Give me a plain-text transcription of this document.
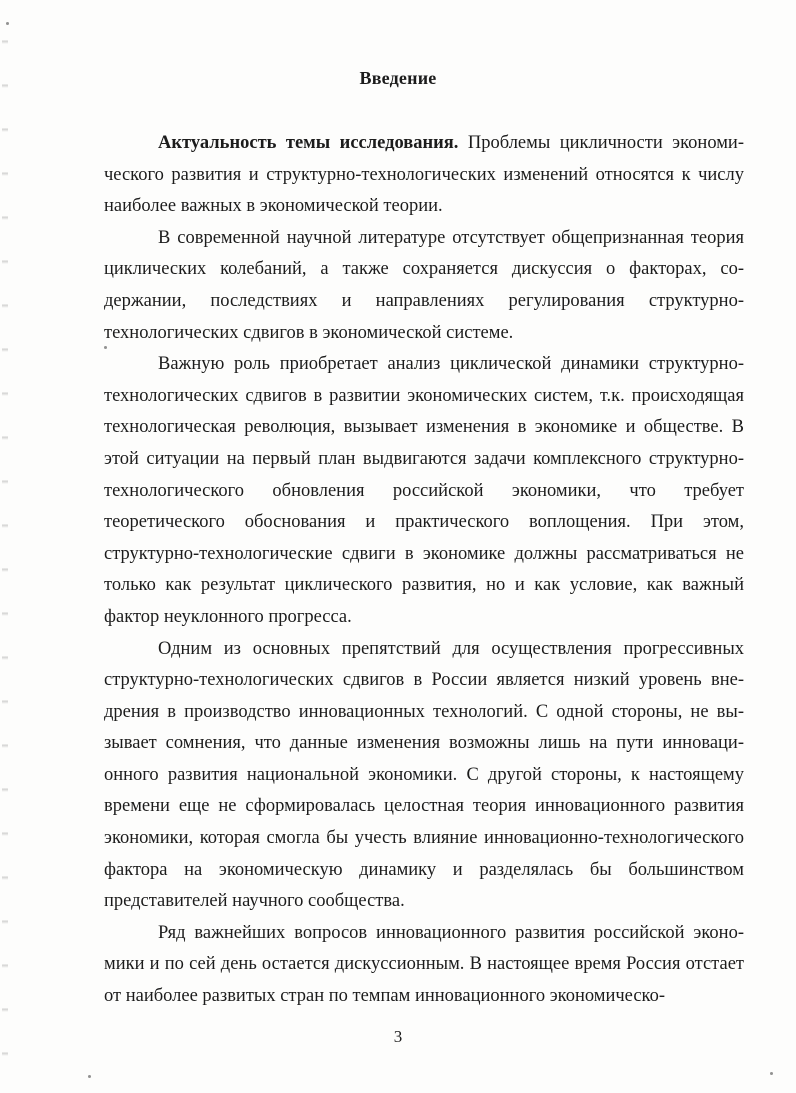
Введение

Актуальность темы исследования. Проблемы цикличности экономического развития и структурно-технологических изменений относятся к числу наиболее важных в экономической теории.

В современной научной литературе отсутствует общепризнанная теория циклических колебаний, а также сохраняется дискуссия о факторах, содержании, последствиях и направлениях регулирования структурно-технологических сдвигов в экономической системе.

Важную роль приобретает анализ циклической динамики структурно-технологических сдвигов в развитии экономических систем, т.к. происходящая технологическая революция, вызывает изменения в экономике и обществе. В этой ситуации на первый план выдвигаются задачи комплексного структурно-технологического обновления российской экономики, что требует теоретического обоснования и практического воплощения. При этом, структурно-технологические сдвиги в экономике должны рассматриваться не только как результат циклического развития, но и как условие, как важный фактор неуклонного прогресса.

Одним из основных препятствий для осуществления прогрессивных структурно-технологических сдвигов в России является низкий уровень внедрения в производство инновационных технологий. С одной стороны, не вызывает сомнения, что данные изменения возможны лишь на пути инновационного развития национальной экономики. С другой стороны, к настоящему времени еще не сформировалась целостная теория инновационного развития экономики, которая смогла бы учесть влияние инновационно-технологического фактора на экономическую динамику и разделялась бы большинством представителей научного сообщества.

Ряд важнейших вопросов инновационного развития российской экономики и по сей день остается дискуссионным. В настоящее время Россия отстает от наиболее развитых стран по темпам инновационного экономическо-

3
